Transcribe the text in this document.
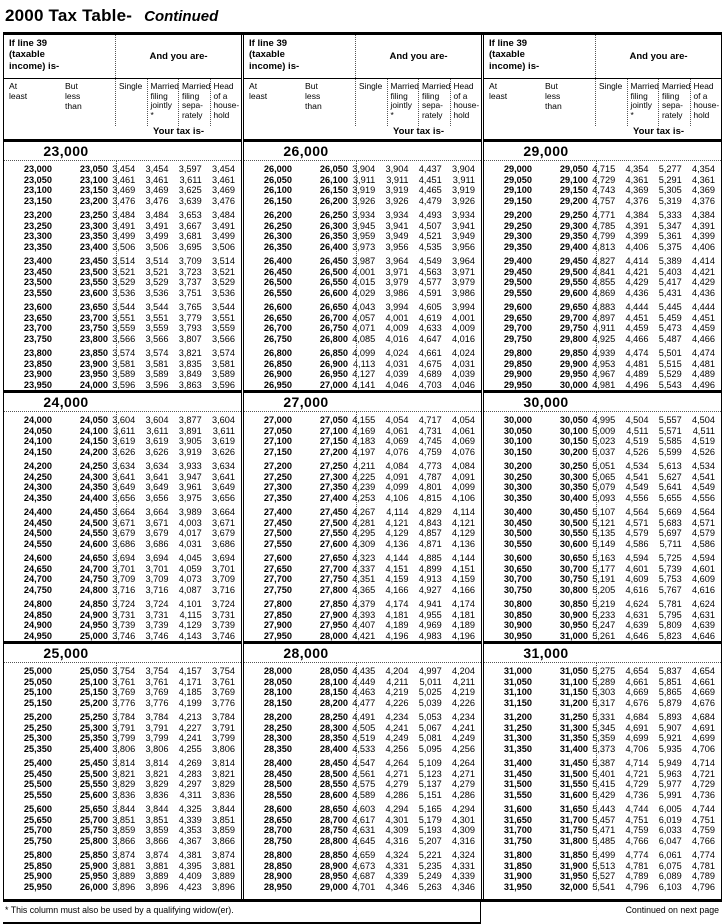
2000 Tax Table- Continued
If line 39 (taxable income) is-
And you are-
At least
But less than
Single Married filing jointly *
Married filing sepa-rately
Head of a house-hold
Your tax is-
23,000
23,000	23,050 3,454	3,454	3,597	3,454
23,050	23,100 3,461	3,461	3,611	3,461
23,100	23,150 3,469	3,469	3,625	3,469
23,150	23,200 3,476	3,476	3,639	3,476
23,200	23,250 3,484	3,484	3,653	3,484
23,250	23,300 3,491	3,491	3,667	3,491
23,300	23,350 3,499	3,499	3,681	3,499
23,350	23,400 3,506	3,506	3,695	3,506
23,400	23,450 3,514	3,514	3,709	3,514
23,450	23,500 3,521	3,521	3,723	3,521
23,500	23,550 3,529	3,529	3,737	3,529
23,550	23,600 3,536	3,536	3,751	3,536
23,600	23,650 3,544	3,544	3,765	3,544
23,650	23,700 3,551	3,551	3,779	3,551
23,700	23,750 3,559	3,559	3,793	3,559
23,750	23,800 3,566	3,566	3,807	3,566
23,800	23,850 3,574	3,574	3,821	3,574
23,850	23,900 3,581	3,581	3,835	3,581
23,900	23,950 3,589	3,589	3,849	3,589
23,950	24,000 3,596	3,596	3,863	3,596
24,000
24,000	24,050 3,604	3,604	3,877	3,604
24,050	24,100 3,611	3,611	3,891	3,611
24,100	24,150 3,619	3,619	3,905	3,619
24,150	24,200 3,626	3,626	3,919	3,626
24,200	24,250 3,634	3,634	3,933	3,634
24,250	24,300 3,641	3,641	3,947	3,641
24,300	24,350 3,649	3,649	3,961	3,649
24,350	24,400 3,656	3,656	3,975	3,656
24,400	24,450 3,664	3,664	3,989	3,664
24,450	24,500 3,671	3,671	4,003	3,671
24,500	24,550 3,679	3,679	4,017	3,679
24,550	24,600 3,686	3,686	4,031	3,686
24,600	24,650 3,694	3,694	4,045	3,694
24,650	24,700 3,701	3,701	4,059	3,701
24,700	24,750 3,709	3,709	4,073	3,709
24,750	24,800 3,716	3,716	4,087	3,716
24,800	24,850 3,724	3,724	4,101	3,724
24,850	24,900 3,731	3,731	4,115	3,731
24,900	24,950 3,739	3,739	4,129	3,739
24,950	25,000 3,746	3,746	4,143	3,746
25,000
25,000	25,050 3,754	3,754	4,157	3,754
25,050	25,100 3,761	3,761	4,171	3,761
25,100	25,150 3,769	3,769	4,185	3,769
25,150	25,200 3,776	3,776	4,199	3,776
25,200	25,250 3,784	3,784	4,213	3,784
25,250	25,300 3,791	3,791	4,227	3,791
25,300	25,350 3,799	3,799	4,241	3,799
25,350	25,400 3,806	3,806	4,255	3,806
25,400	25,450 3,814	3,814	4,269	3,814
25,450	25,500 3,821	3,821	4,283	3,821
25,500	25,550 3,829	3,829	4,297	3,829
25,550	25,600 3,836	3,836	4,311	3,836
25,600	25,650 3,844	3,844	4,325	3,844
25,650	25,700 3,851	3,851	4,339	3,851
25,700	25,750 3,859	3,859	4,353	3,859
25,750	25,800 3,866	3,866	4,367	3,866
25,800	25,850 3,874	3,874	4,381	3,874
25,850	25,900 3,881	3,881	4,395	3,881
25,900	25,950 3,889	3,889	4,409	3,889
25,950	26,000 3,896	3,896	4,423	3,896
If line 39 (taxable income) is-
And you are-
At least
But less than
Single Married filing jointly *
Married filing sepa-rately
Head of a house-hold
Your tax is-
26,000
26,000	26,050 3,904	3,904	4,437	3,904
26,050	26,100 3,911	3,911	4,451	3,911
26,100	26,150 3,919	3,919	4,465	3,919
26,150	26,200 3,926	3,926	4,479	3,926
26,200	26,250 3,934	3,934	4,493	3,934
26,250	26,300 3,945	3,941	4,507	3,941
26,300	26,350 3,959	3,949	4,521	3,949
26,350	26,400 3,973	3,956	4,535	3,956
26,400	26,450 3,987	3,964	4,549	3,964
26,450	26,500 4,001	3,971	4,563	3,971
26,500	26,550 4,015	3,979	4,577	3,979
26,550	26,600 4,029	3,986	4,591	3,986
26,600	26,650 4,043	3,994	4,605	3,994
26,650	26,700 4,057	4,001	4,619	4,001
26,700	26,750 4,071	4,009	4,633	4,009
26,750	26,800 4,085	4,016	4,647	4,016
26,800	26,850 4,099	4,024	4,661	4,024
26,850	26,900 4,113	4,031	4,675	4,031
26,900	26,950 4,127	4,039	4,689	4,039
26,950	27,000 4,141	4,046	4,703	4,046
27,000
27,000	27,050 4,155	4,054	4,717	4,054
27,050	27,100 4,169	4,061	4,731	4,061
27,100	27,150 4,183	4,069	4,745	4,069
27,150	27,200 4,197	4,076	4,759	4,076
27,200	27,250 4,211	4,084	4,773	4,084
27,250	27,300 4,225	4,091	4,787	4,091
27,300	27,350 4,239	4,099	4,801	4,099
27,350	27,400 4,253	4,106	4,815	4,106
27,400	27,450 4,267	4,114	4,829	4,114
27,450	27,500 4,281	4,121	4,843	4,121
27,500	27,550 4,295	4,129	4,857	4,129
27,550	27,600 4,309	4,136	4,871	4,136
27,600	27,650 4,323	4,144	4,885	4,144
27,650	27,700 4,337	4,151	4,899	4,151
27,700	27,750 4,351	4,159	4,913	4,159
27,750	27,800 4,365	4,166	4,927	4,166
27,800	27,850 4,379	4,174	4,941	4,174
27,850	27,900 4,393	4,181	4,955	4,181
27,900	27,950 4,407	4,189	4,969	4,189
27,950	28,000 4,421	4,196	4,983	4,196
28,000
28,000	28,050 4,435	4,204	4,997	4,204
28,050	28,100 4,449	4,211	5,011	4,211
28,100	28,150 4,463	4,219	5,025	4,219
28,150	28,200 4,477	4,226	5,039	4,226
28,200	28,250 4,491	4,234	5,053	4,234
28,250	28,300 4,505	4,241	5,067	4,241
28,300	28,350 4,519	4,249	5,081	4,249
28,350	28,400 4,533	4,256	5,095	4,256
28,400	28,450 4,547	4,264	5,109	4,264
28,450	28,500 4,561	4,271	5,123	4,271
28,500	28,550 4,575	4,279	5,137	4,279
28,550	28,600 4,589	4,286	5,151	4,286
28,600	28,650 4,603	4,294	5,165	4,294
28,650	28,700 4,617	4,301	5,179	4,301
28,700	28,750 4,631	4,309	5,193	4,309
28,750	28,800 4,645	4,316	5,207	4,316
28,800	28,850 4,659	4,324	5,221	4,324
28,850	28,900 4,673	4,331	5,235	4,331
28,900	28,950 4,687	4,339	5,249	4,339
28,950	29,000 4,701	4,346	5,263	4,346
If line 39 (taxable income) is-
And you are-
At least
But less than
Single Married filing jointly *
Married filing sepa-rately
Head of a house-hold
Your tax is-
29,000
29,000	29,050 4,715	4,354	5,277	4,354
29,050	29,100 4,729	4,361	5,291	4,361
29,100	29,150 4,743	4,369	5,305	4,369
29,150	29,200 4,757	4,376	5,319	4,376
29,200	29,250 4,771	4,384	5,333	4,384
29,250	29,300 4,785	4,391	5,347	4,391
29,300	29,350 4,799	4,399	5,361	4,399
29,350	29,400 4,813	4,406	5,375	4,406
29,400	29,450 4,827	4,414	5,389	4,414
29,450	29,500 4,841	4,421	5,403	4,421
29,500	29,550 4,855	4,429	5,417	4,429
29,550	29,600 4,869	4,436	5,431	4,436
29,600	29,650 4,883	4,444	5,445	4,444
29,650	29,700 4,897	4,451	5,459	4,451
29,700	29,750 4,911	4,459	5,473	4,459
29,750	29,800 4,925	4,466	5,487	4,466
29,800	29,850 4,939	4,474	5,501	4,474
29,850	29,900 4,953	4,481	5,515	4,481
29,900	29,950 4,967	4,489	5,529	4,489
29,950	30,000 4,981	4,496	5,543	4,496
30,000
30,000	30,050 4,995	4,504	5,557	4,504
30,050	30,100 5,009	4,511	5,571	4,511
30,100	30,150 5,023	4,519	5,585	4,519
30,150	30,200 5,037	4,526	5,599	4,526
30,200	30,250 5,051	4,534	5,613	4,534
30,250	30,300 5,065	4,541	5,627	4,541
30,300	30,350 5,079	4,549	5,641	4,549
30,350	30,400 5,093	4,556	5,655	4,556
30,400	30,450 5,107	4,564	5,669	4,564
30,450	30,500 5,121	4,571	5,683	4,571
30,500	30,550 5,135	4,579	5,697	4,579
30,550	30,600 5,149	4,586	5,711	4,586
30,600	30,650 5,163	4,594	5,725	4,594
30,650	30,700 5,177	4,601	5,739	4,601
30,700	30,750 5,191	4,609	5,753	4,609
30,750	30,800 5,205	4,616	5,767	4,616
30,800	30,850 5,219	4,624	5,781	4,624
30,850	30,900 5,233	4,631	5,795	4,631
30,900	30,950 5,247	4,639	5,809	4,639
30,950	31,000 5,261	4,646	5,823	4,646
31,000
31,000	31,050 5,275	4,654	5,837	4,654
31,050	31,100 5,289	4,661	5,851	4,661
31,100	31,150 5,303	4,669	5,865	4,669
31,150	31,200 5,317	4,676	5,879	4,676
31,200	31,250 5,331	4,684	5,893	4,684
31,250	31,300 5,345	4,691	5,907	4,691
31,300	31,350 5,359	4,699	5,921	4,699
31,350	31,400 5,373	4,706	5,935	4,706
31,400	31,450 5,387	4,714	5,949	4,714
31,450	31,500 5,401	4,721	5,963	4,721
31,500	31,550 5,415	4,729	5,977	4,729
31,550	31,600 5,429	4,736	5,991	4,736
31,600	31,650 5,443	4,744	6,005	4,744
31,650	31,700 5,457	4,751	6,019	4,751
31,700	31,750 5,471	4,759	6,033	4,759
31,750	31,800 5,485	4,766	6,047	4,766
31,800	31,850 5,499	4,774	6,061	4,774
31,850	31,900 5,513	4,781	6,075	4,781
31,900	31,950 5,527	4,789	6,089	4,789
31,950	32,000 5,541	4,796	6,103	4,796
* This column must also be used by a qualifying widow(er).	Continued on next page
